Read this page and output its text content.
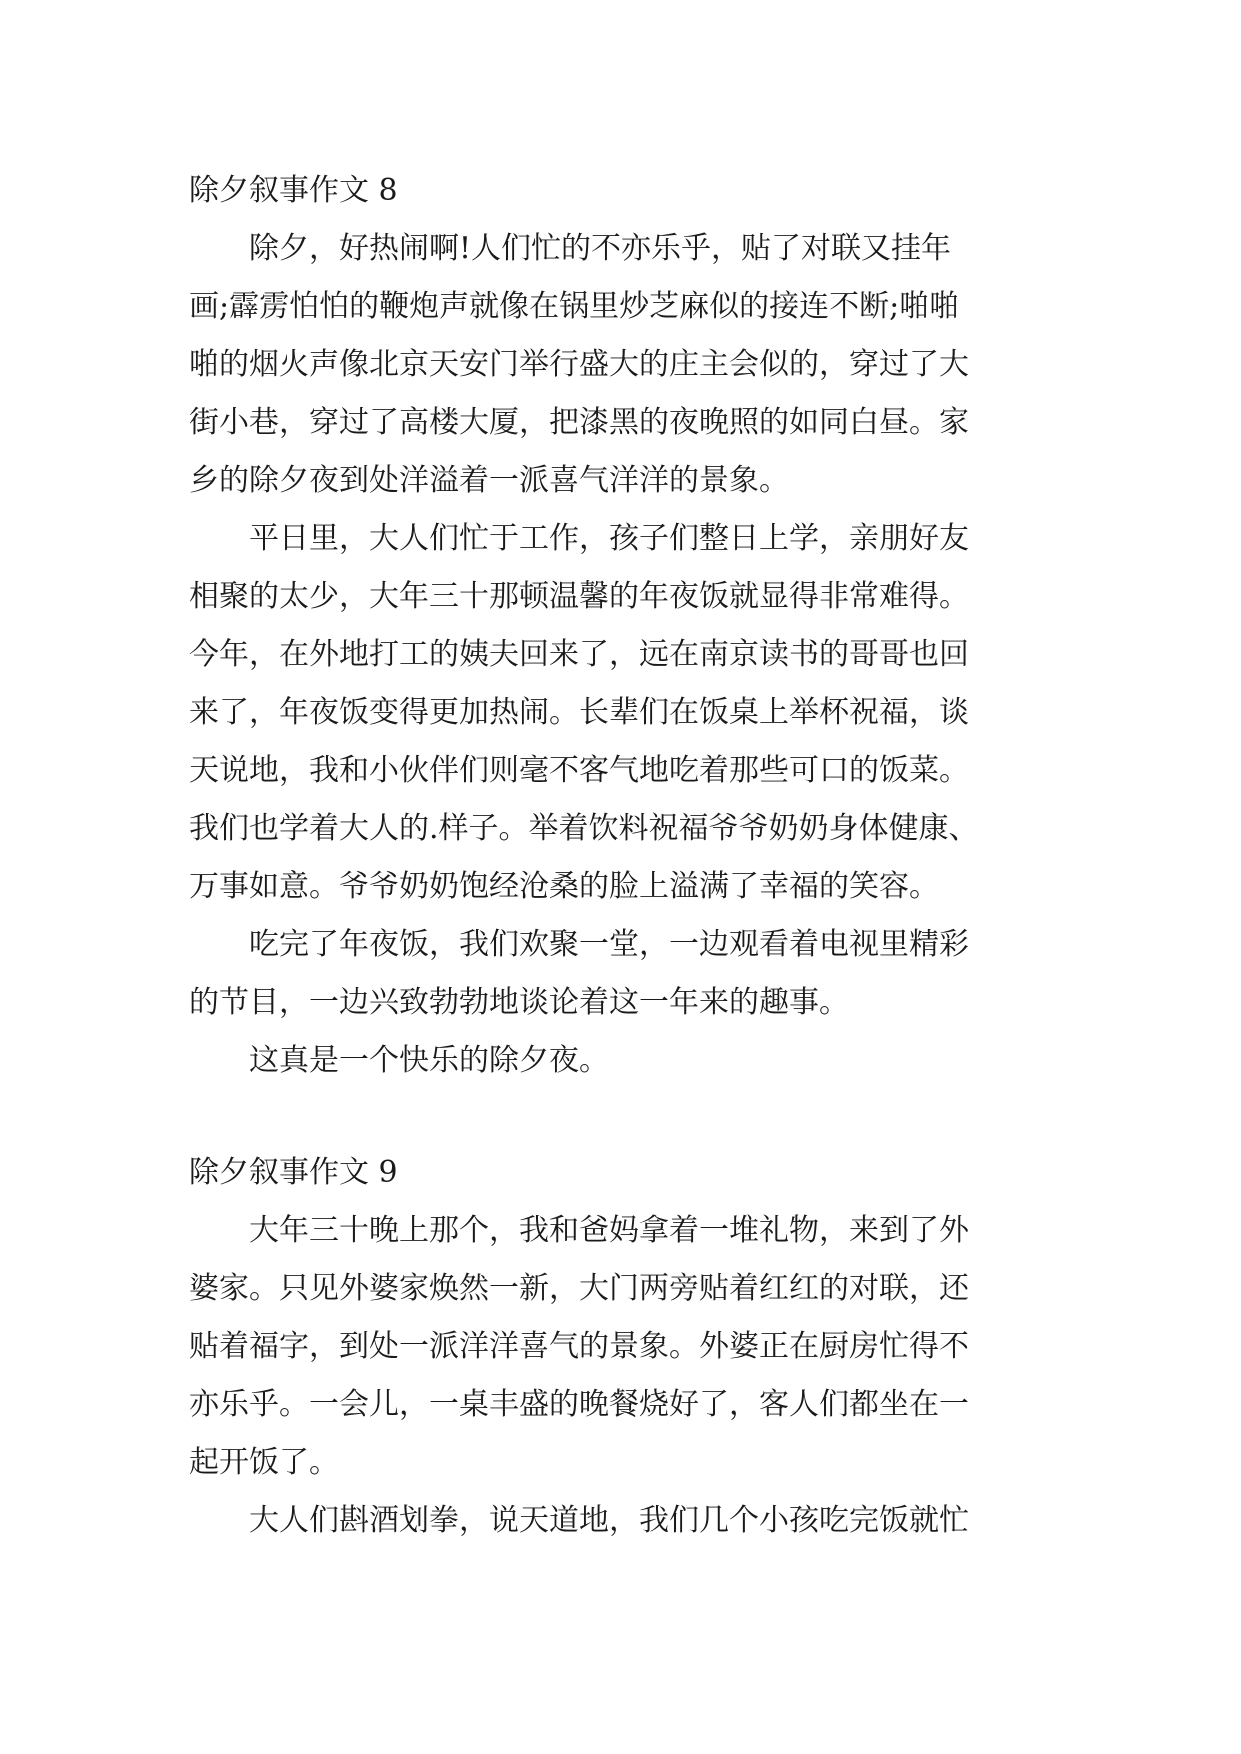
除夕叙事作文 8

除夕，好热闹啊!人们忙的不亦乐乎，贴了对联又挂年
画;霹雳怕怕的鞭炮声就像在锅里炒芝麻似的接连不断;啪啪
啪的烟火声像北京天安门举行盛大的庄主会似的，穿过了大
街小巷，穿过了高楼大厦，把漆黑的夜晚照的如同白昼。家
乡的除夕夜到处洋溢着一派喜气洋洋的景象。

平日里，大人们忙于工作，孩子们整日上学，亲朋好友
相聚的太少，大年三十那顿温馨的年夜饭就显得非常难得。
今年，在外地打工的姨夫回来了，远在南京读书的哥哥也回
来了，年夜饭变得更加热闹。长辈们在饭桌上举杯祝福，谈
天说地，我和小伙伴们则毫不客气地吃着那些可口的饭菜。
我们也学着大人的.样子。举着饮料祝福爷爷奶奶身体健康、
万事如意。爷爷奶奶饱经沧桑的脸上溢满了幸福的笑容。

吃完了年夜饭，我们欢聚一堂，一边观看着电视里精彩
的节目，一边兴致勃勃地谈论着这一年来的趣事。

这真是一个快乐的除夕夜。

除夕叙事作文 9

大年三十晚上那个，我和爸妈拿着一堆礼物，来到了外
婆家。只见外婆家焕然一新，大门两旁贴着红红的对联，还
贴着福字，到处一派洋洋喜气的景象。外婆正在厨房忙得不
亦乐乎。一会儿，一桌丰盛的晚餐烧好了，客人们都坐在一
起开饭了。

大人们斟酒划拳，说天道地，我们几个小孩吃完饭就忙
